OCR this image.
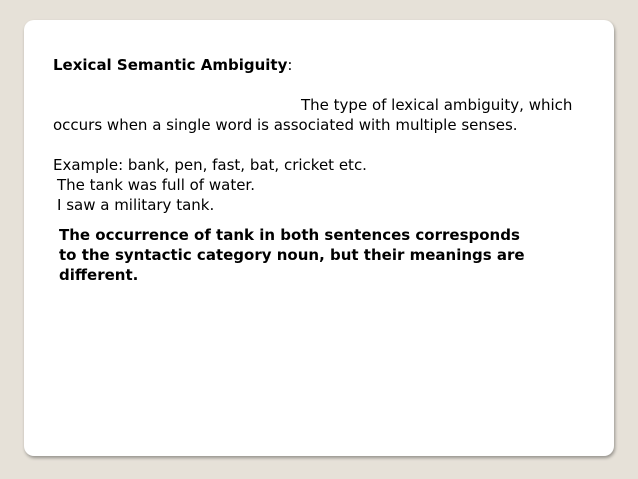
Lexical Semantic Ambiguity:
The type of lexical ambiguity, which occurs when a single word is associated with multiple senses.
Example: bank, pen, fast, bat, cricket etc.
The tank was full of water.
I saw a military tank.
The occurrence of tank in both sentences corresponds
to the syntactic category noun, but their meanings are
different.
